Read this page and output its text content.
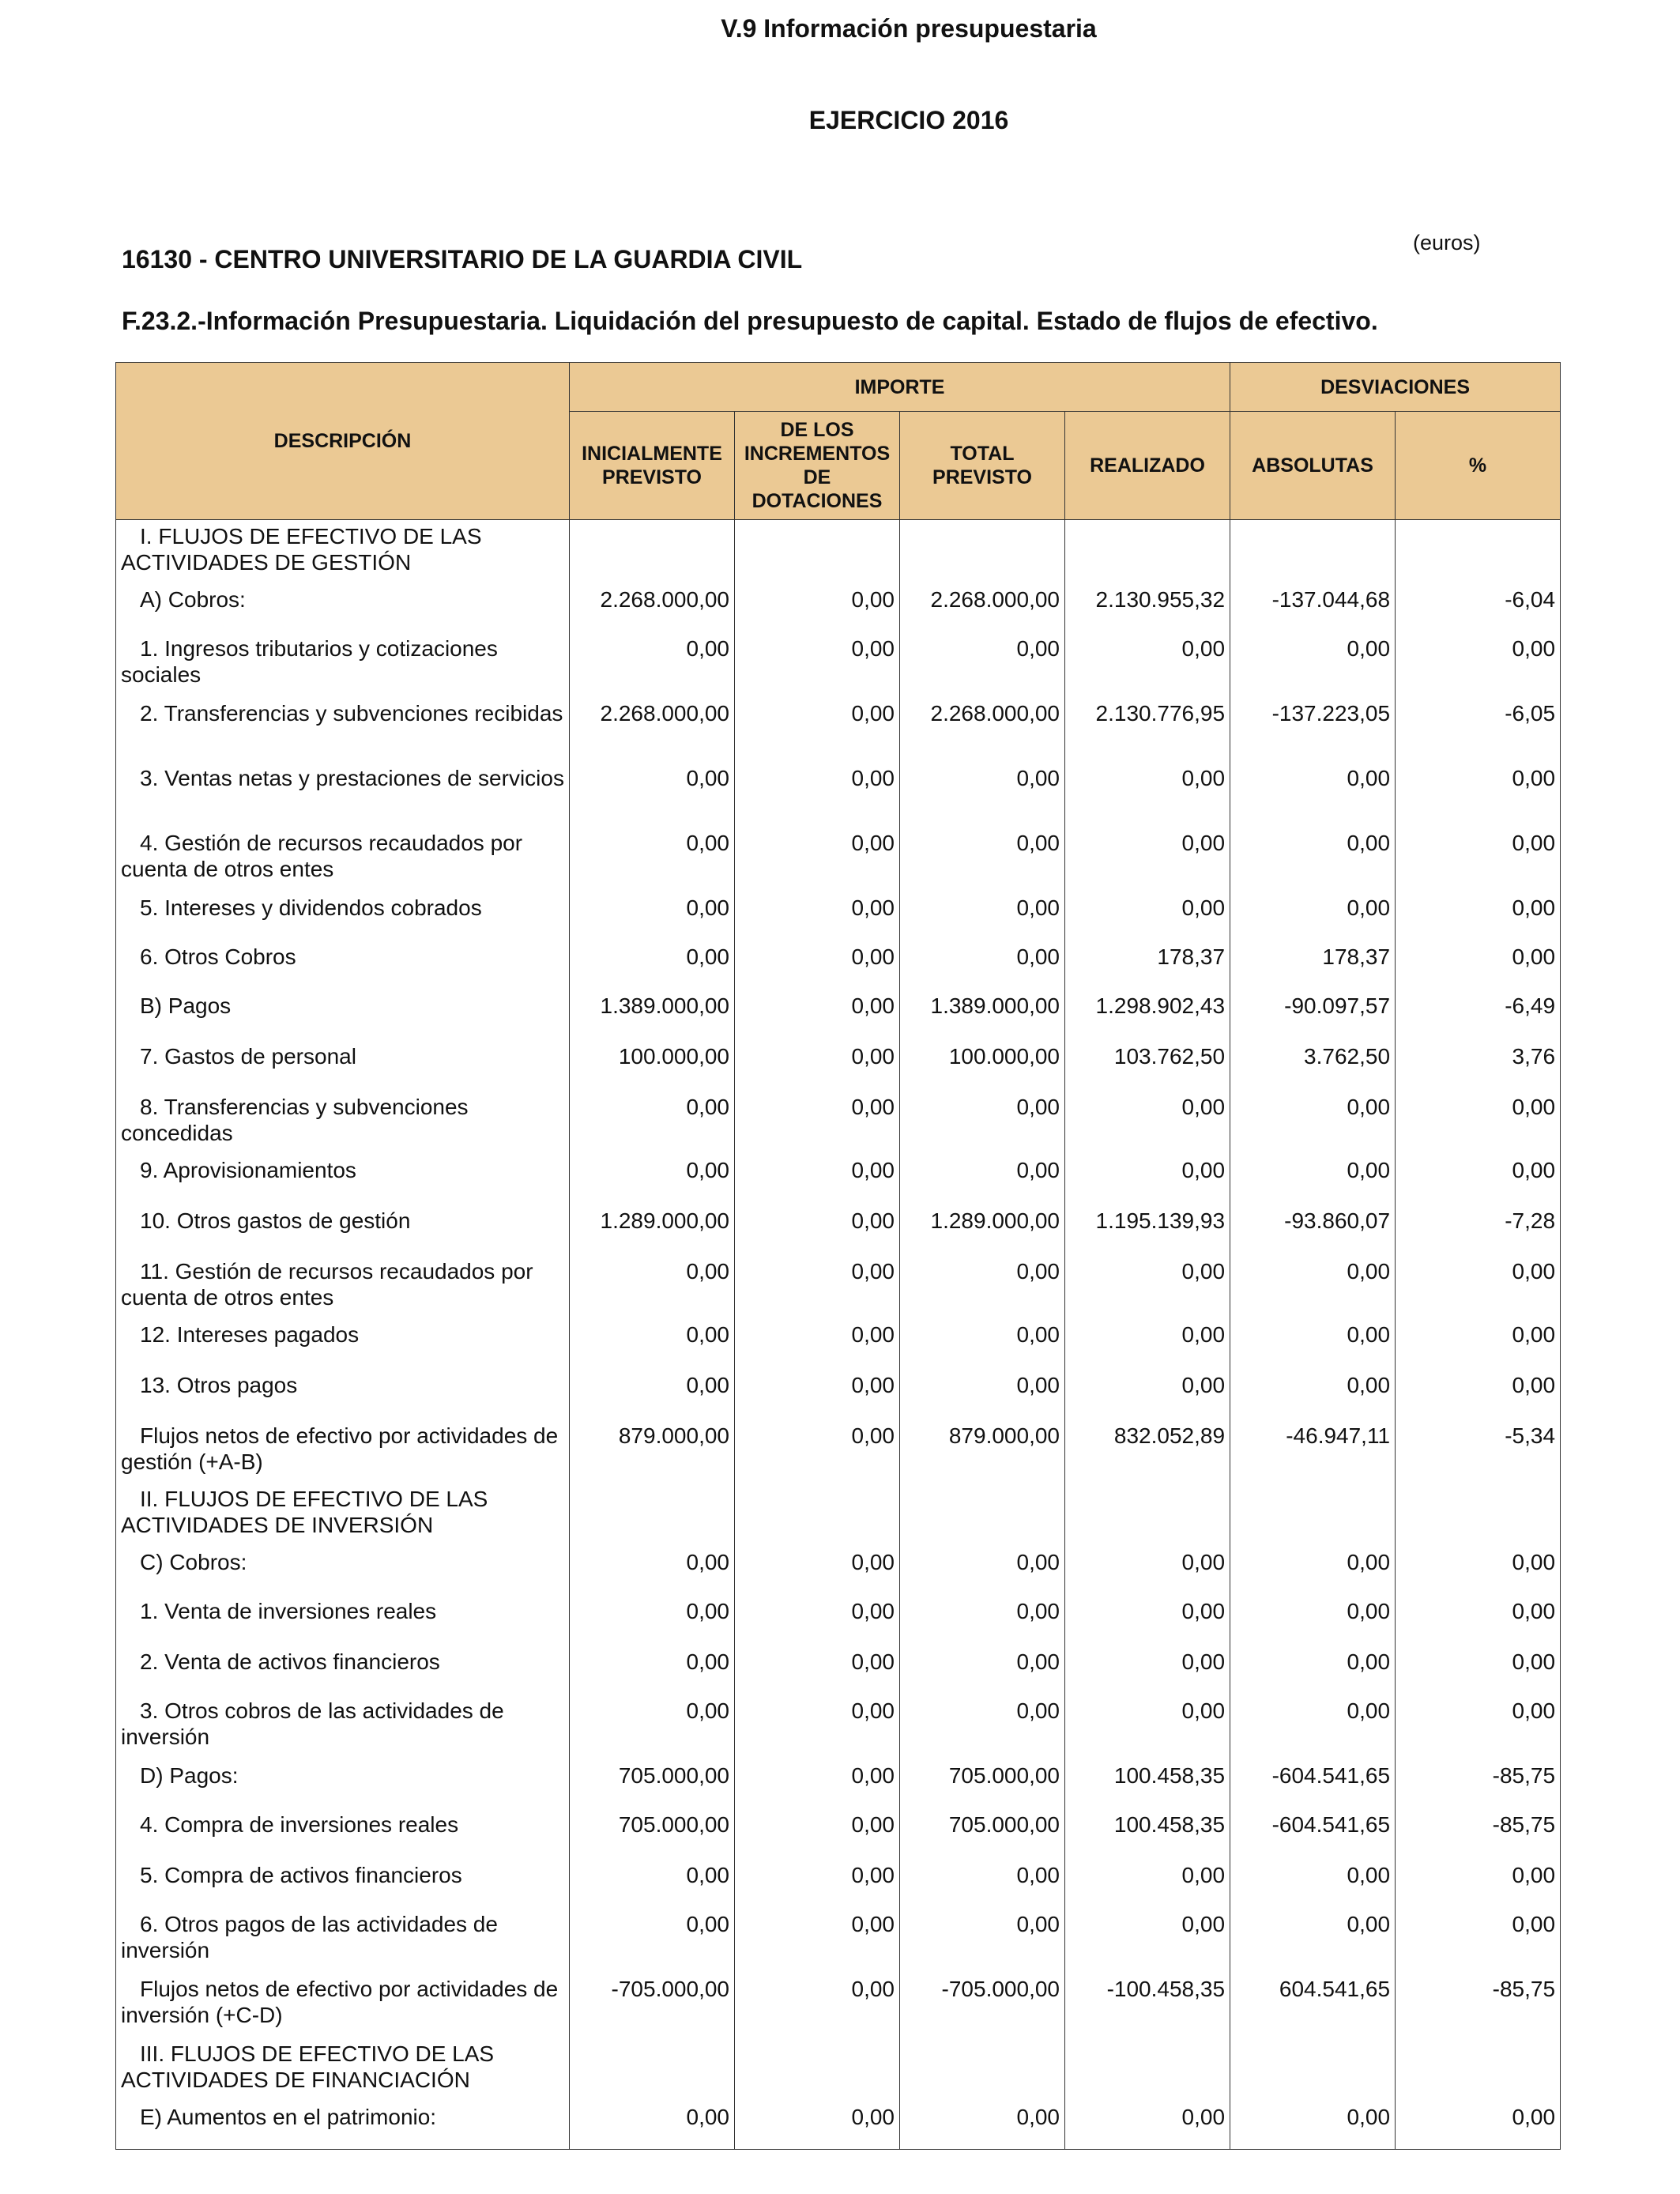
V.9 Información presupuestaria
EJERCICIO 2016
(euros)
16130 - CENTRO UNIVERSITARIO DE LA GUARDIA CIVIL
F.23.2.-Información Presupuestaria. Liquidación del presupuesto de capital. Estado de flujos de efectivo.
DESCRIPCIÓN	IMPORTE				DESVIACIONES	
	INICIALMENTE PREVISTO	DE LOS INCREMENTOS DE DOTACIONES	TOTAL PREVISTO	REALIZADO	ABSOLUTAS	%
I. FLUJOS DE EFECTIVO DE LAS ACTIVIDADES DE GESTIÓN						
A) Cobros:	2.268.000,00	0,00	2.268.000,00	2.130.955,32	-137.044,68	-6,04
1. Ingresos tributarios y cotizaciones sociales	0,00	0,00	0,00	0,00	0,00	0,00
2. Transferencias y subvenciones recibidas	2.268.000,00	0,00	2.268.000,00	2.130.776,95	-137.223,05	-6,05
3. Ventas netas y prestaciones de servicios	0,00	0,00	0,00	0,00	0,00	0,00
4. Gestión de recursos recaudados por cuenta de otros entes	0,00	0,00	0,00	0,00	0,00	0,00
5. Intereses y dividendos cobrados	0,00	0,00	0,00	0,00	0,00	0,00
6. Otros Cobros	0,00	0,00	0,00	178,37	178,37	0,00
B) Pagos	1.389.000,00	0,00	1.389.000,00	1.298.902,43	-90.097,57	-6,49
7. Gastos de personal	100.000,00	0,00	100.000,00	103.762,50	3.762,50	3,76
8. Transferencias y subvenciones concedidas	0,00	0,00	0,00	0,00	0,00	0,00
9. Aprovisionamientos	0,00	0,00	0,00	0,00	0,00	0,00
10. Otros gastos de gestión	1.289.000,00	0,00	1.289.000,00	1.195.139,93	-93.860,07	-7,28
11. Gestión de recursos recaudados por cuenta de otros entes	0,00	0,00	0,00	0,00	0,00	0,00
12. Intereses pagados	0,00	0,00	0,00	0,00	0,00	0,00
13. Otros pagos	0,00	0,00	0,00	0,00	0,00	0,00
Flujos netos de efectivo por actividades de gestión (+A-B)	879.000,00	0,00	879.000,00	832.052,89	-46.947,11	-5,34
II. FLUJOS DE EFECTIVO DE LAS ACTIVIDADES DE INVERSIÓN						
C) Cobros:	0,00	0,00	0,00	0,00	0,00	0,00
1. Venta de inversiones reales	0,00	0,00	0,00	0,00	0,00	0,00
2. Venta de activos financieros	0,00	0,00	0,00	0,00	0,00	0,00
3. Otros cobros de las actividades de inversión	0,00	0,00	0,00	0,00	0,00	0,00
D) Pagos:	705.000,00	0,00	705.000,00	100.458,35	-604.541,65	-85,75
4. Compra de inversiones reales	705.000,00	0,00	705.000,00	100.458,35	-604.541,65	-85,75
5. Compra de activos financieros	0,00	0,00	0,00	0,00	0,00	0,00
6. Otros pagos de las actividades de inversión	0,00	0,00	0,00	0,00	0,00	0,00
Flujos netos de efectivo por actividades de inversión (+C-D)	-705.000,00	0,00	-705.000,00	-100.458,35	604.541,65	-85,75
III. FLUJOS DE EFECTIVO DE LAS ACTIVIDADES DE FINANCIACIÓN						
E) Aumentos en el patrimonio:	0,00	0,00	0,00	0,00	0,00	0,00
